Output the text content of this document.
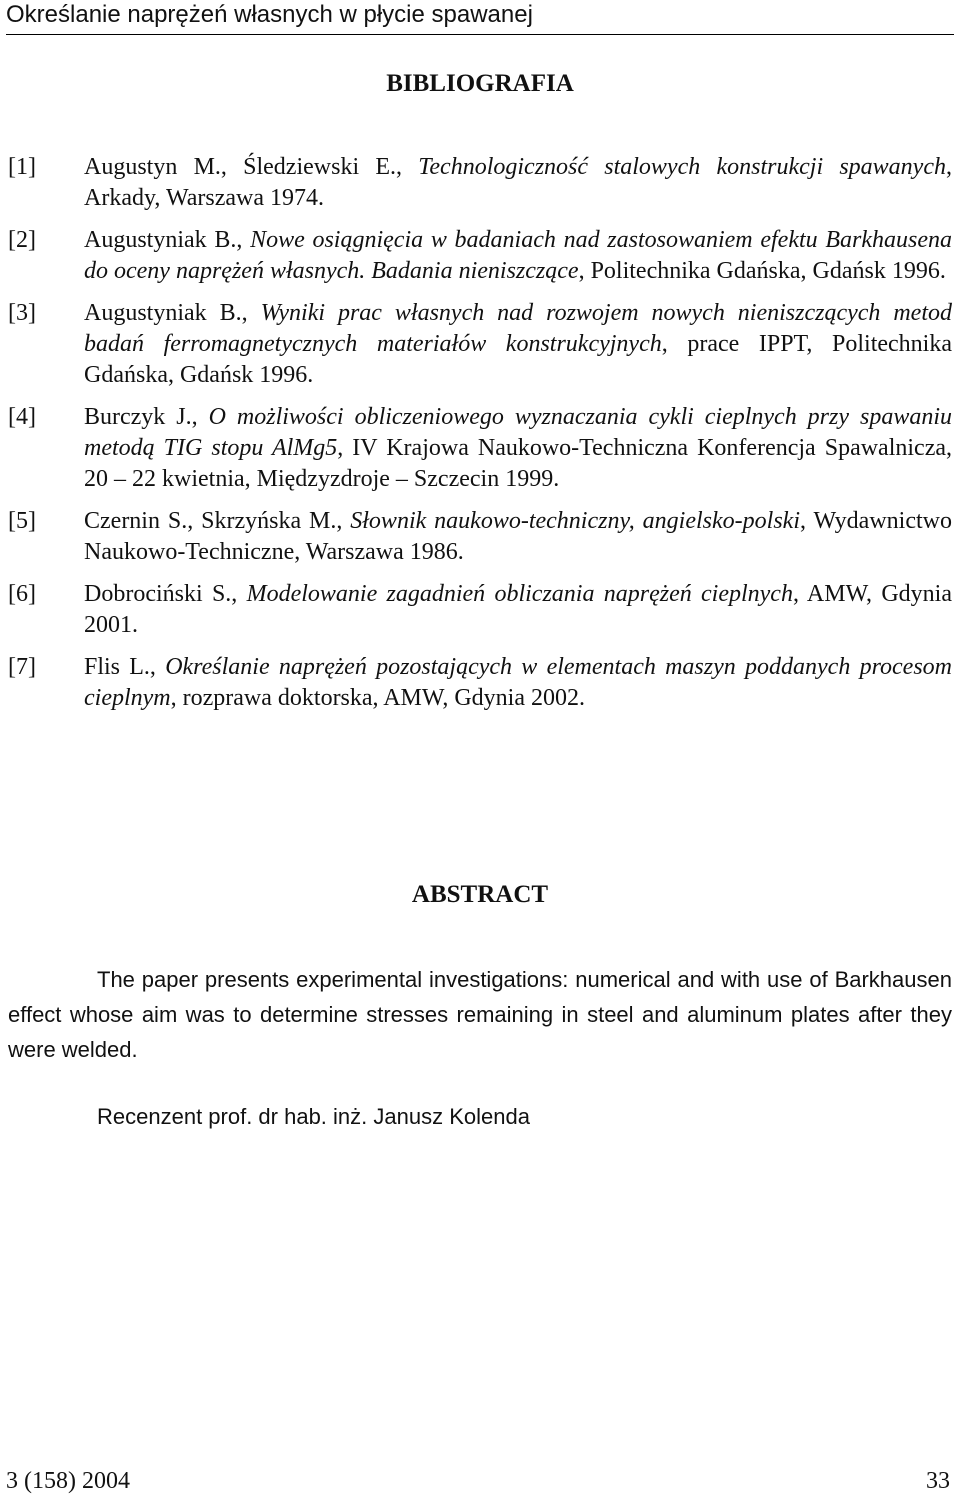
Określanie naprężeń własnych w płycie spawanej
BIBLIOGRAFIA
[1] Augustyn M., Śledziewski E., Technologiczność stalowych konstrukcji spawanych, Arkady, Warszawa 1974.
[2] Augustyniak B., Nowe osiągnięcia w badaniach nad zastosowaniem efektu Barkhausena do oceny naprężeń własnych. Badania nieniszczące, Politechnika Gdańska, Gdańsk 1996.
[3] Augustyniak B., Wyniki prac własnych nad rozwojem nowych nieniszczących metod badań ferromagnetycznych materiałów konstrukcyjnych, prace IPPT, Politechnika Gdańska, Gdańsk 1996.
[4] Burczyk J., O możliwości obliczeniowego wyznaczania cykli cieplnych przy spawaniu metodą TIG stopu AlMg5, IV Krajowa Naukowo-Techniczna Konferencja Spawalnicza, 20 – 22 kwietnia, Międzyzdroje – Szczecin 1999.
[5] Czernin S., Skrzyńska M., Słownik naukowo-techniczny, angielsko-polski, Wydawnictwo Naukowo-Techniczne, Warszawa 1986.
[6] Dobrociński S., Modelowanie zagadnień obliczania naprężeń cieplnych, AMW, Gdynia 2001.
[7] Flis L., Określanie naprężeń pozostających w elementach maszyn poddanych procesom cieplnym, rozprawa doktorska, AMW, Gdynia 2002.
ABSTRACT
The paper presents experimental investigations: numerical and with use of Barkhausen effect whose aim was to determine stresses remaining in steel and aluminum plates after they were welded.
Recenzent prof. dr hab. inż. Janusz Kolenda
3 (158) 2004	33
